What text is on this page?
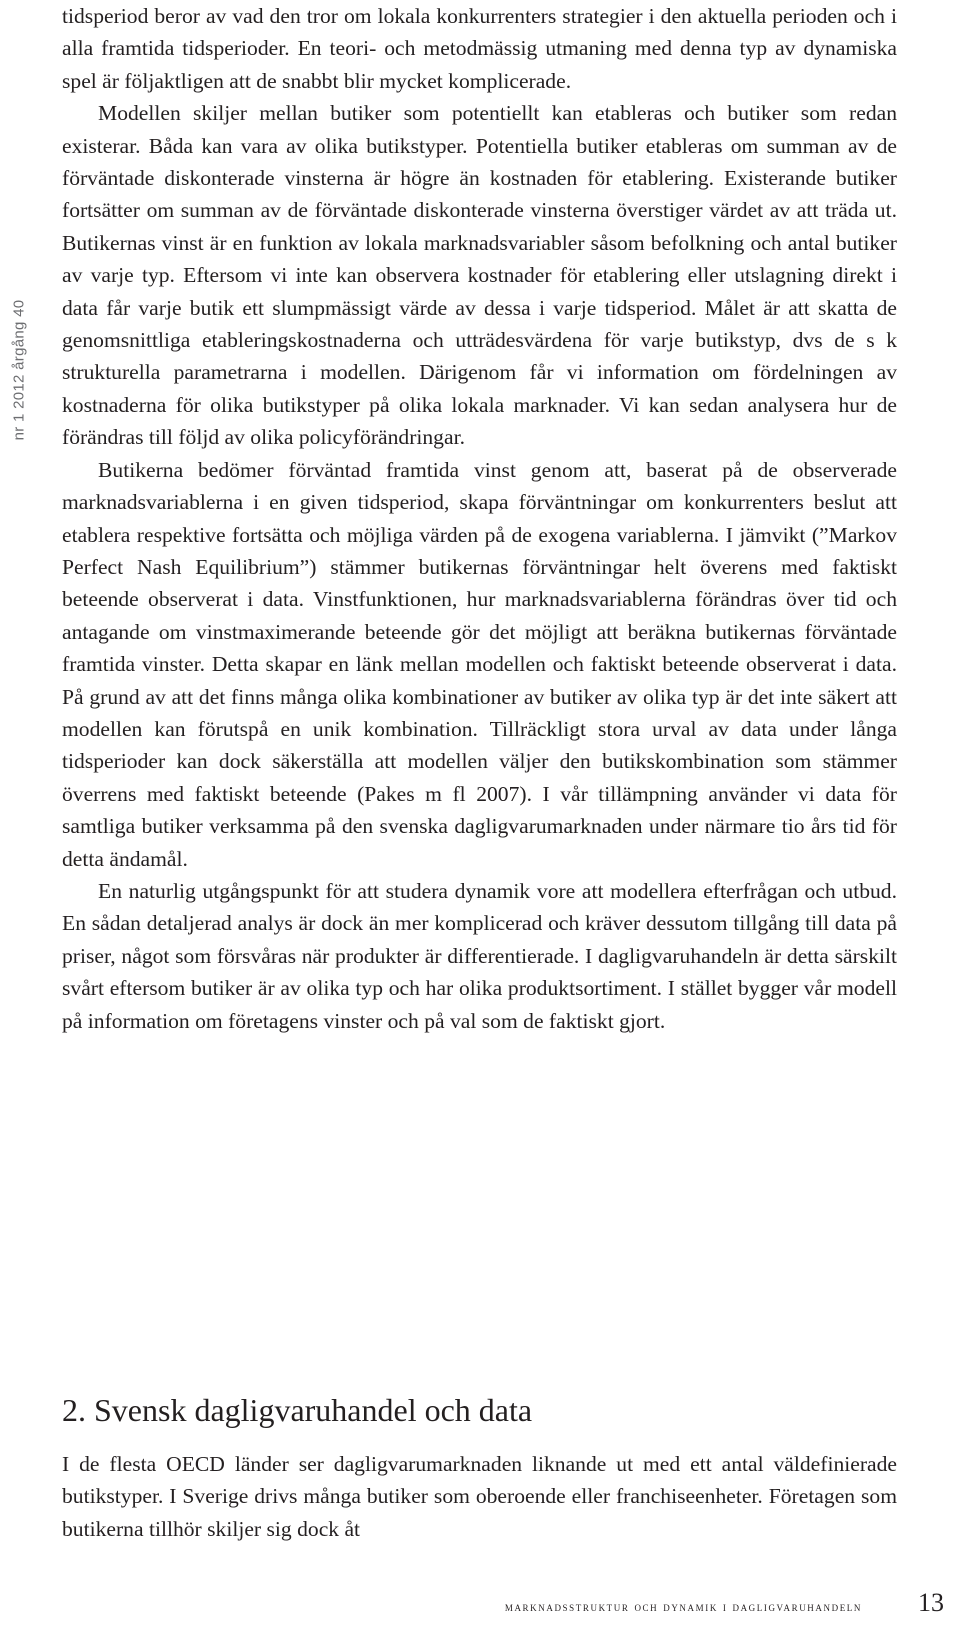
nr 1 2012 årgång 40

tidsperiod beror av vad den tror om lokala konkurrenters strategier i den aktuella perioden och i alla framtida tidsperioder. En teori- och metodmässig utmaning med denna typ av dynamiska spel är följaktligen att de snabbt blir mycket komplicerade.

Modellen skiljer mellan butiker som potentiellt kan etableras och butiker som redan existerar. Båda kan vara av olika butikstyper. Potentiella butiker etableras om summan av de förväntade diskonterade vinsterna är högre än kostnaden för etablering. Existerande butiker fortsätter om summan av de förväntade diskonterade vinsterna överstiger värdet av att träda ut. Butikernas vinst är en funktion av lokala marknadsvariabler såsom befolkning och antal butiker av varje typ. Eftersom vi inte kan observera kostnader för etablering eller utslagning direkt i data får varje butik ett slumpmässigt värde av dessa i varje tidsperiod. Målet är att skatta de genomsnittliga etableringskostnaderna och utträdesvärdena för varje butikstyp, dvs de s k strukturella parametrarna i modellen. Därigenom får vi information om fördelningen av kostnaderna för olika butikstyper på olika lokala marknader. Vi kan sedan analysera hur de förändras till följd av olika policyförändringar.

Butikerna bedömer förväntad framtida vinst genom att, baserat på de observerade marknadsvariablerna i en given tidsperiod, skapa förväntningar om konkurrenters beslut att etablera respektive fortsätta och möjliga värden på de exogena variablerna. I jämvikt (”Markov Perfect Nash Equilibrium”) stämmer butikernas förväntningar helt överens med faktiskt beteende observerat i data. Vinstfunktionen, hur marknadsvariablerna förändras över tid och antagande om vinstmaximerande beteende gör det möjligt att beräkna butikernas förväntade framtida vinster. Detta skapar en länk mellan modellen och faktiskt beteende observerat i data. På grund av att det finns många olika kombinationer av butiker av olika typ är det inte säkert att modellen kan förutspå en unik kombination. Tillräckligt stora urval av data under långa tidsperioder kan dock säkerställa att modellen väljer den butikskombination som stämmer överrens med faktiskt beteende (Pakes m fl 2007). I vår tillämpning använder vi data för samtliga butiker verksamma på den svenska dagligvarumarknaden under närmare tio års tid för detta ändamål.

En naturlig utgångspunkt för att studera dynamik vore att modellera efterfrågan och utbud. En sådan detaljerad analys är dock än mer komplicerad och kräver dessutom tillgång till data på priser, något som försvåras när produkter är differentierade. I dagligvaruhandeln är detta särskilt svårt eftersom butiker är av olika typ och har olika produktsortiment. I stället bygger vår modell på information om företagens vinster och på val som de faktiskt gjort.

2. Svensk dagligvaruhandel och data

I de flesta OECD länder ser dagligvarumarknaden liknande ut med ett antal väldefinierade butikstyper. I Sverige drivs många butiker som oberoende eller franchiseenheter. Företagen som butikerna tillhör skiljer sig dock åt

marknadsstruktur och dynamik i dagligvaruhandeln 13
